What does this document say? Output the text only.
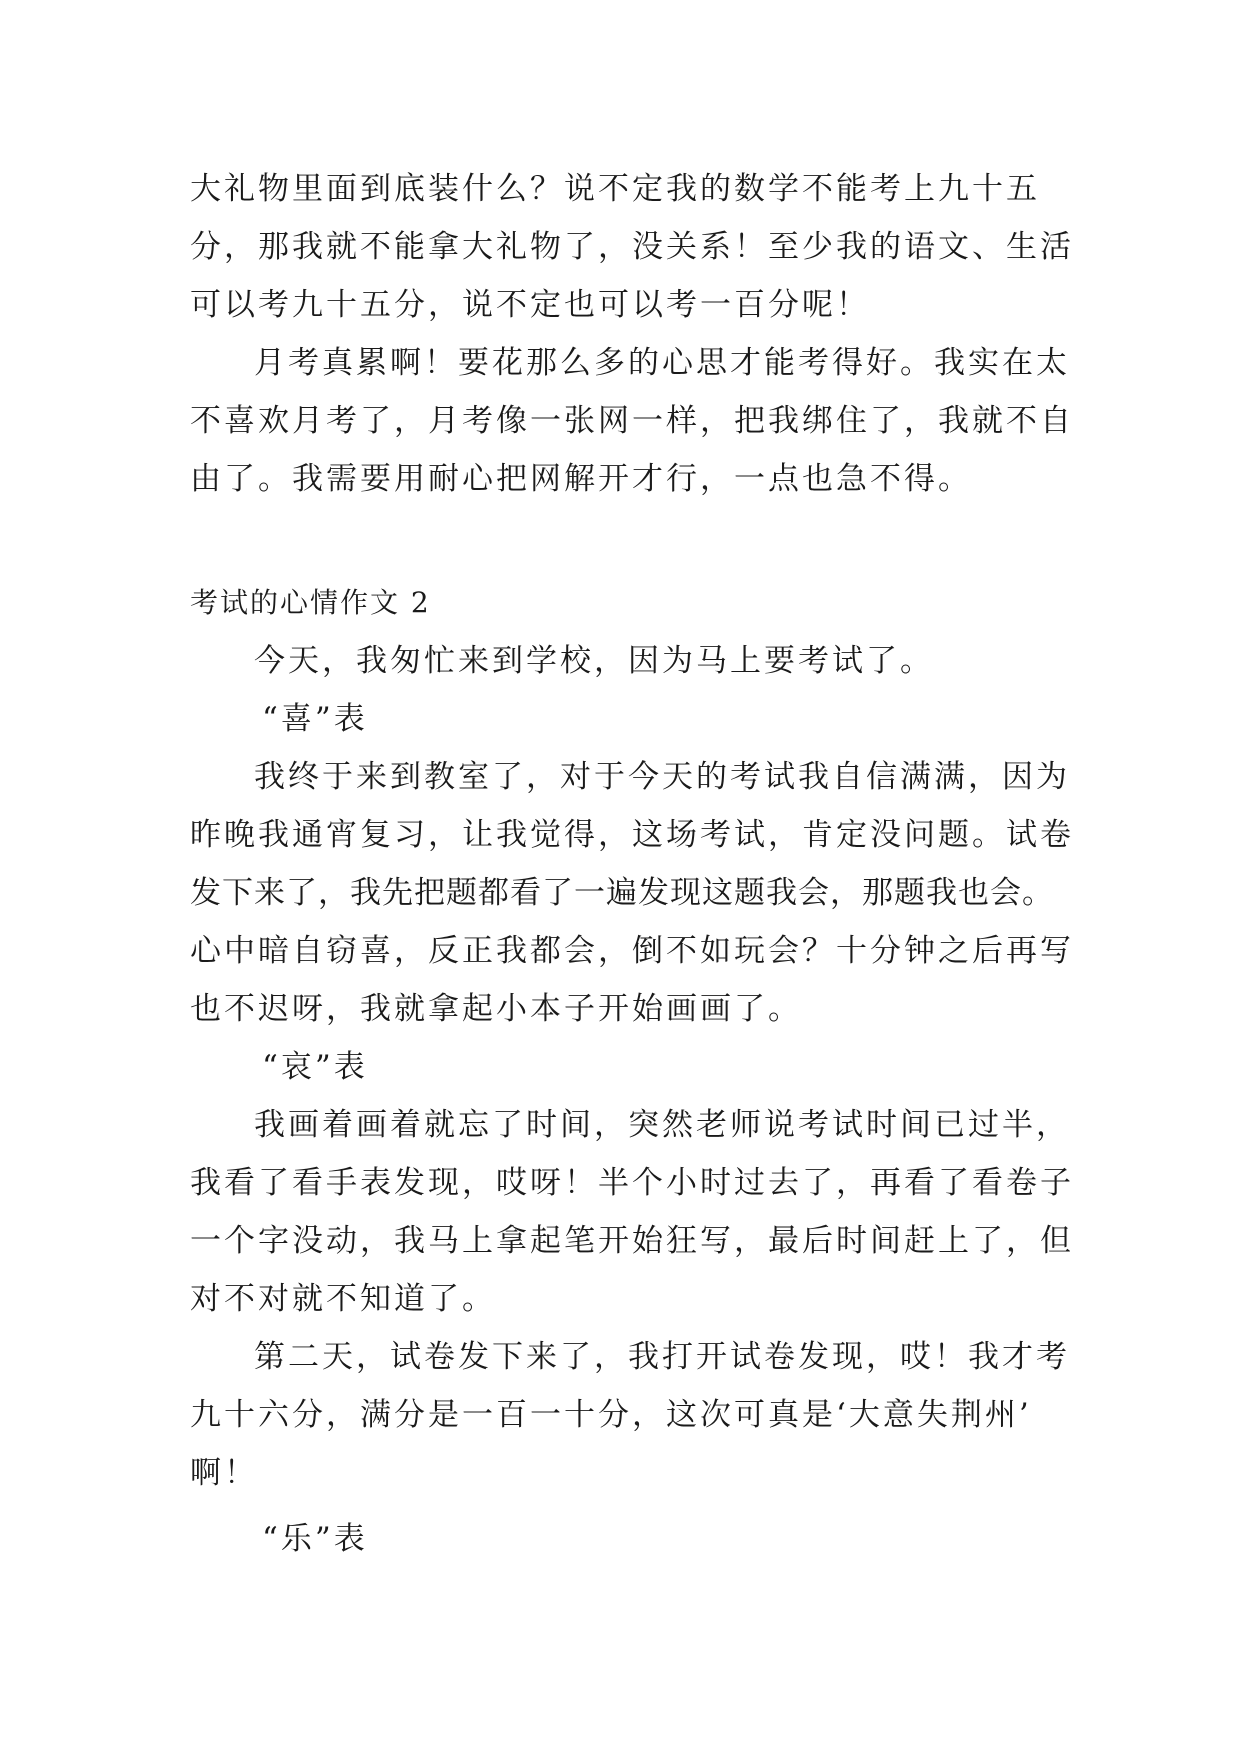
大礼物里面到底装什么？说不定我的数学不能考上九十五
分，那我就不能拿大礼物了，没关系！至少我的语文、生活
可以考九十五分，说不定也可以考一百分呢！
月考真累啊！要花那么多的心思才能考得好。我实在太
不喜欢月考了，月考像一张网一样，把我绑住了，我就不自
由了。我需要用耐心把网解开才行，一点也急不得。
考试的心情作文 2
今天，我匆忙来到学校，因为马上要考试了。
“喜”表
我终于来到教室了，对于今天的考试我自信满满，因为
昨晚我通宵复习，让我觉得，这场考试，肯定没问题。试卷
发下来了，我先把题都看了一遍发现这题我会，那题我也会。
心中暗自窃喜，反正我都会，倒不如玩会？十分钟之后再写
也不迟呀，我就拿起小本子开始画画了。
“哀”表
我画着画着就忘了时间，突然老师说考试时间已过半，
我看了看手表发现，哎呀！半个小时过去了，再看了看卷子
一个字没动，我马上拿起笔开始狂写，最后时间赶上了，但
对不对就不知道了。
第二天，试卷发下来了，我打开试卷发现，哎！我才考
九十六分，满分是一百一十分，这次可真是‘大意失荆州’
啊！
“乐”表
